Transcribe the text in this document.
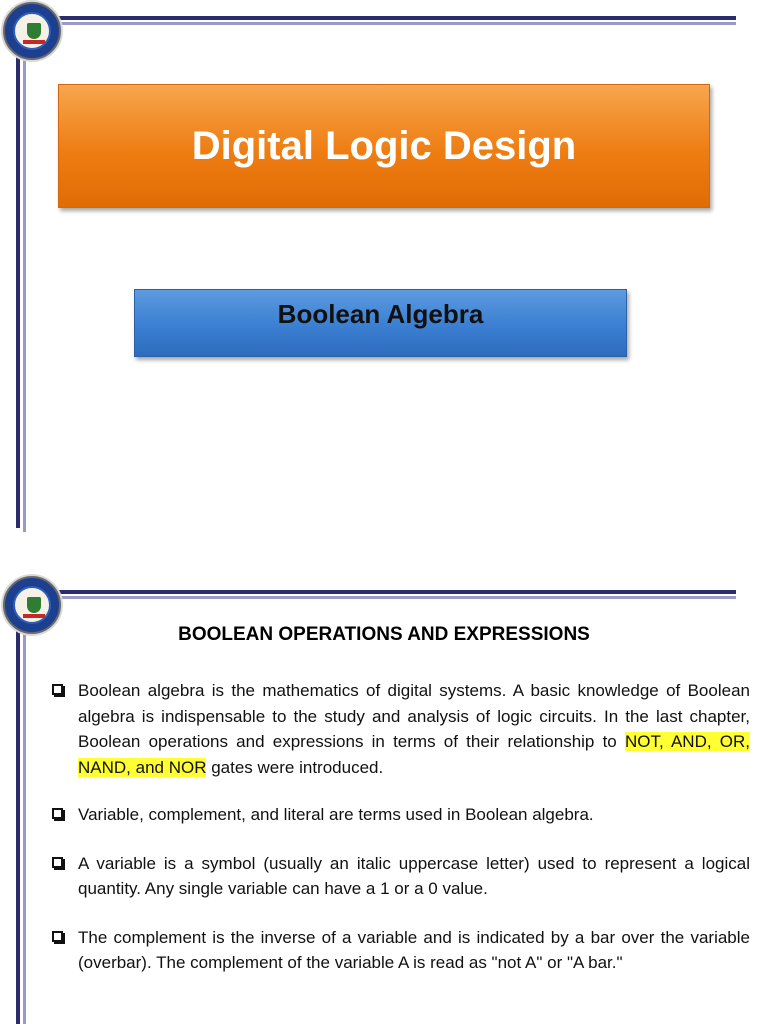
Digital Logic Design
Boolean Algebra
BOOLEAN OPERATIONS AND EXPRESSIONS
Boolean algebra is the mathematics of digital systems. A basic knowledge of Boolean algebra is indispensable to the study and analysis of logic circuits. In the last chapter, Boolean operations and expressions in terms of their relationship to NOT, AND, OR, NAND, and NOR gates were introduced.
Variable, complement, and literal are terms used in Boolean algebra.
A variable is a symbol (usually an italic uppercase letter) used to represent a logical quantity. Any single variable can have a 1 or a 0 value.
The complement is the inverse of a variable and is indicated by a bar over the variable (overbar). The complement of the variable A is read as "not A" or "A bar."
